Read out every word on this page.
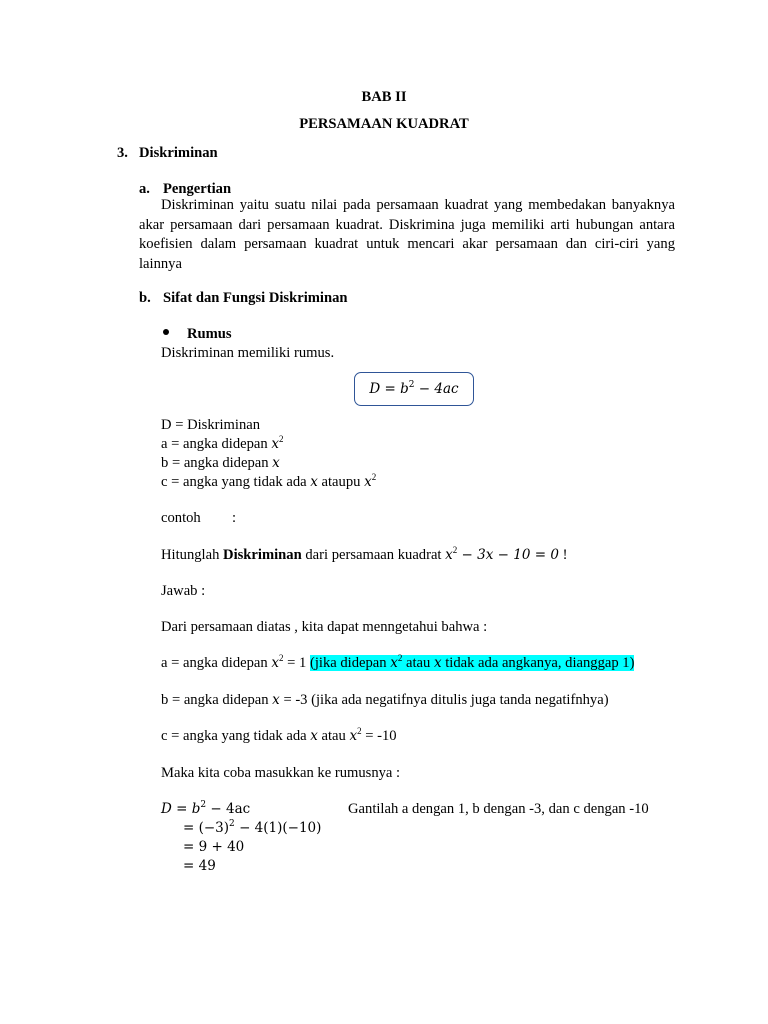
BAB II
PERSAMAAN KUADRAT
3. Diskriminan
a. Pengertian
Diskriminan yaitu suatu nilai pada persamaan kuadrat yang membedakan banyaknya akar persamaan dari persamaan kuadrat. Diskrimina juga memiliki arti hubungan antara koefisien dalam persamaan kuadrat untuk mencari akar persamaan dan ciri-ciri yang lainnya
b. Sifat dan Fungsi Diskriminan
Rumus
Diskriminan memiliki rumus.
$D = b^2 - 4ac$
D = Diskriminan
a = angka didepan $x^2$
b = angka didepan x
c = angka yang tidak ada x ataupu $x^2$
contoh :
Hitunglah Diskriminan dari persamaan kuadrat $x^2 - 3x - 10 = 0$ !
Jawab :
Dari persamaan diatas , kita dapat menngetahui bahwa :
a = angka didepan $x^2 = 1$ (jika didepan $x^2$ atau x tidak ada angkanya, dianggap 1)
b = angka didepan x = -3 (jika ada negatifnya ditulis juga tanda negatifnhya)
c = angka yang tidak ada x atau $x^2 = -10$
Maka kita coba masukkan ke rumusnya :
$D = b^2 - 4ac$	Gantilah a dengan 1, b dengan -3, dan c dengan -10
= $(-3)^2 - 4(1)(-10)$
= 9 + 40
= 49
